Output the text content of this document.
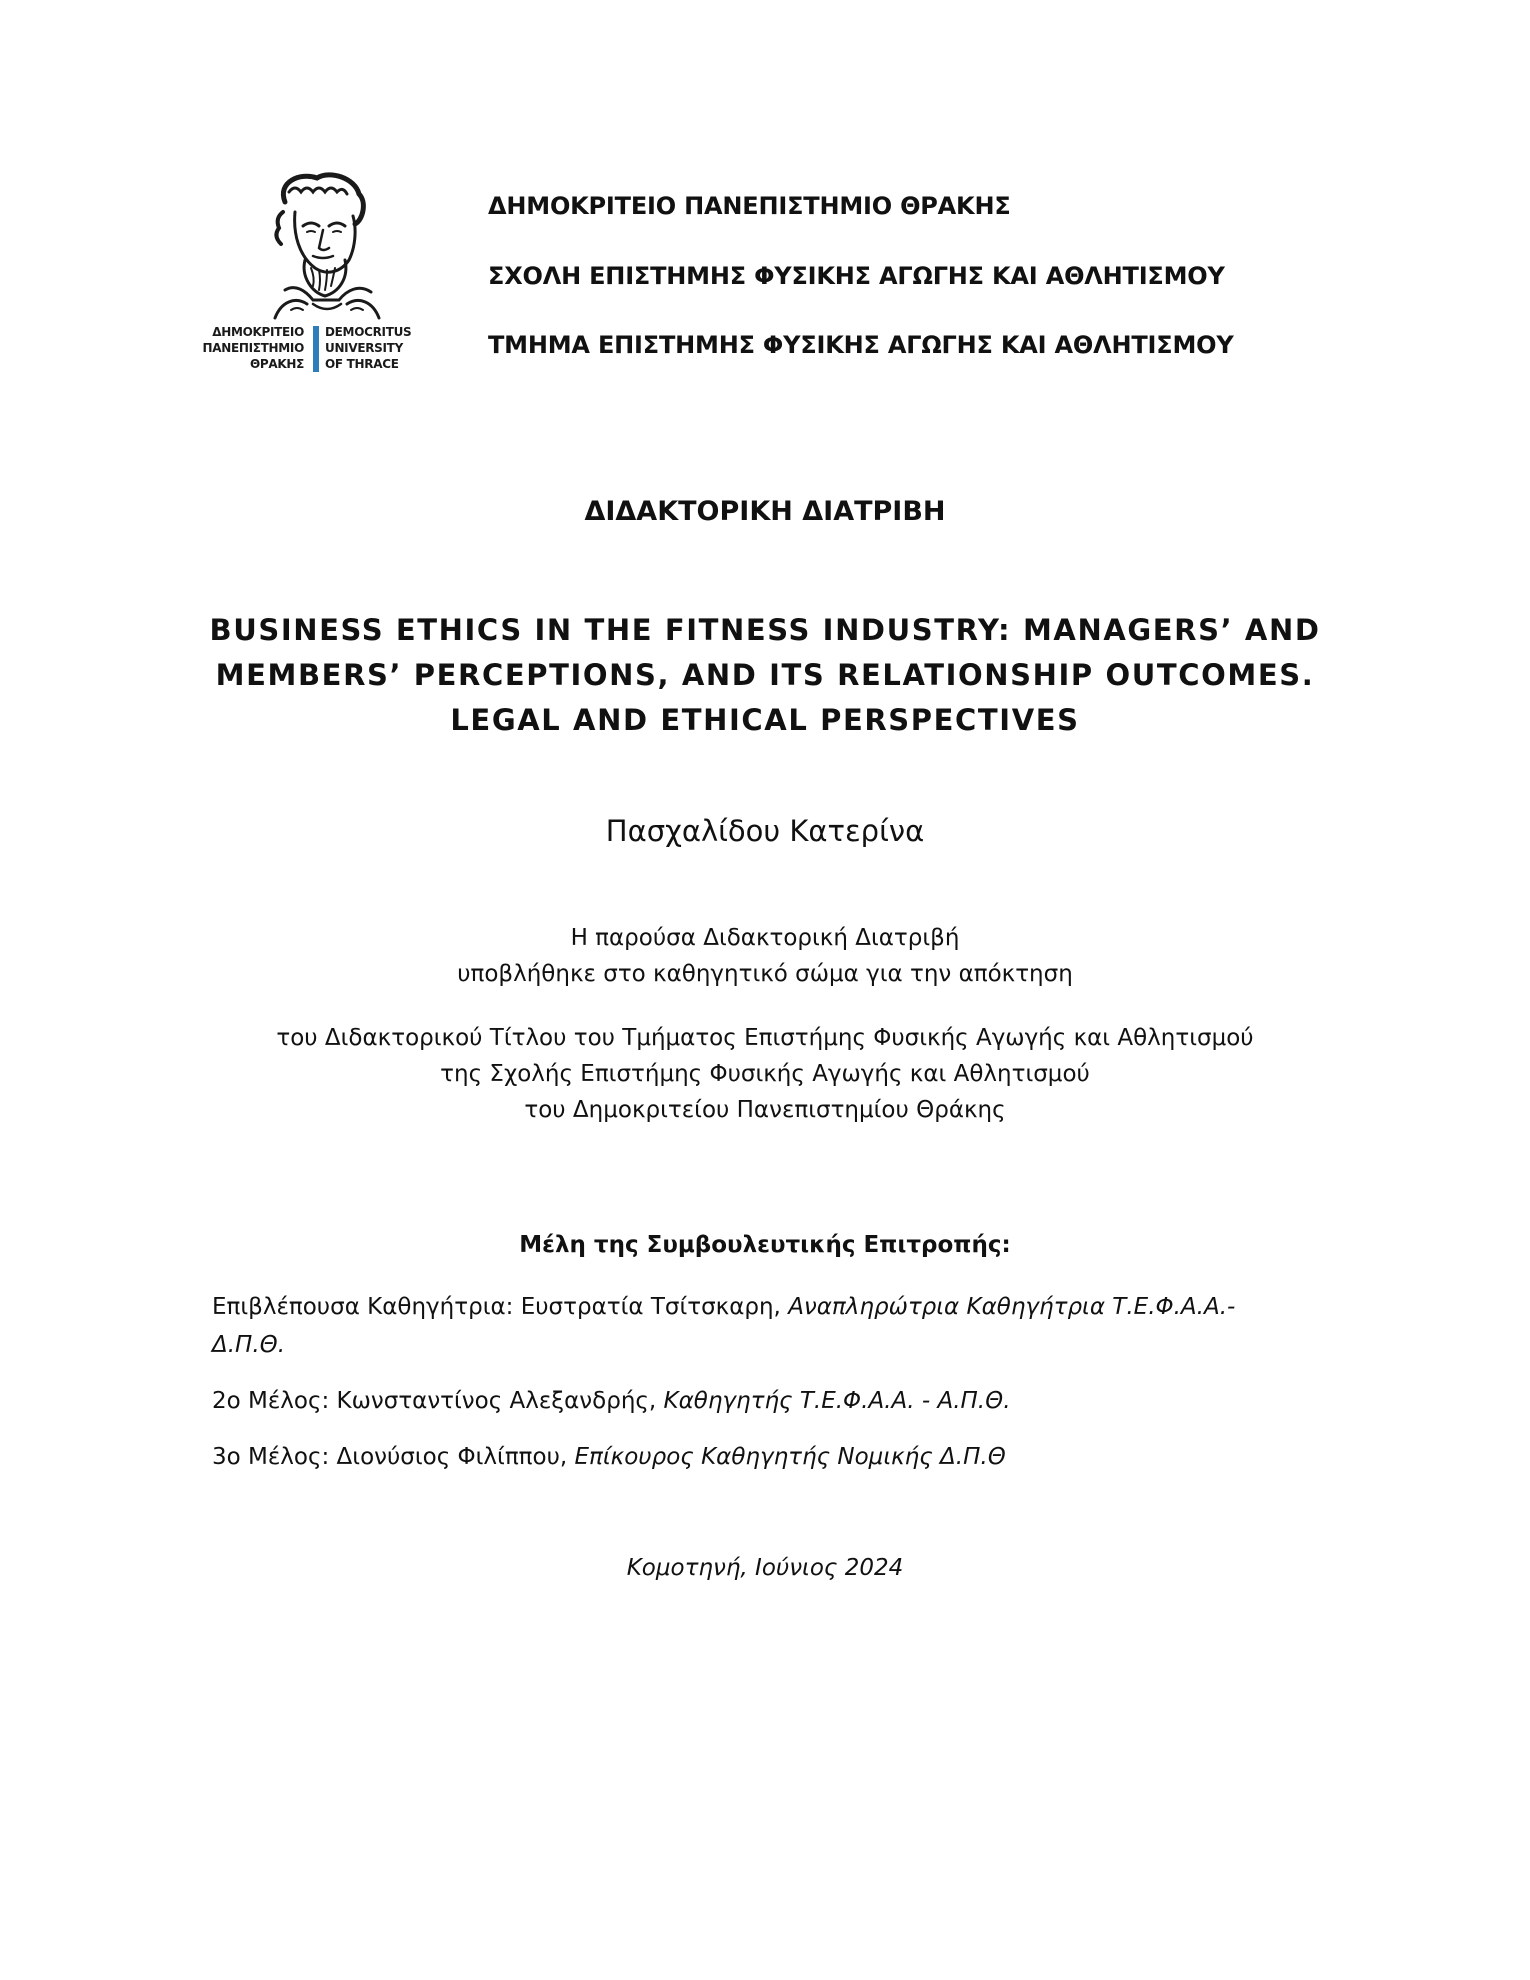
ΔΗΜΟΚΡΙΤΕΙΟ
ΠΑΝΕΠΙΣΤΗΜΙΟ
ΘΡΑΚΗΣ
DEMOCRITUS
UNIVERSITY
OF THRACE
ΔΗΜΟΚΡΙΤΕΙΟ ΠΑΝΕΠΙΣΤΗΜΙΟ ΘΡΑΚΗΣ
ΣΧΟΛΗ ΕΠΙΣΤΗΜΗΣ ΦΥΣΙΚΗΣ ΑΓΩΓΗΣ ΚΑΙ ΑΘΛΗΤΙΣΜΟΥ
ΤΜΗΜΑ ΕΠΙΣΤΗΜΗΣ ΦΥΣΙΚΗΣ ΑΓΩΓΗΣ ΚΑΙ ΑΘΛΗΤΙΣΜΟΥ
ΔΙΔΑΚΤΟΡΙΚΗ ΔΙΑΤΡΙΒΗ
BUSINESS ETHICS IN THE FITNESS INDUSTRY: MANAGERS’ AND
MEMBERS’ PERCEPTIONS, AND ITS RELATIONSHIP OUTCOMES.
LEGAL AND ETHICAL PERSPECTIVES
Πασχαλίδου Κατερίνα
Η παρούσα Διδακτορική Διατριβή
υποβλήθηκε στο καθηγητικό σώμα για την απόκτηση
του Διδακτορικού Τίτλου του Τμήματος Επιστήμης Φυσικής Αγωγής και Αθλητισμού
της Σχολής Επιστήμης Φυσικής Αγωγής και Αθλητισμού
του Δημοκριτείου Πανεπιστημίου Θράκης
Μέλη της Συμβουλευτικής Επιτροπής:
Επιβλέπουσα Καθηγήτρια: Ευστρατία Τσίτσκαρη, Αναπληρώτρια Καθηγήτρια Τ.Ε.Φ.Α.Α.-
Δ.Π.Θ.
2ο Μέλος: Κωνσταντίνος Αλεξανδρής, Καθηγητής Τ.Ε.Φ.Α.Α. - Α.Π.Θ.
3ο Μέλος: Διονύσιος Φιλίππου, Επίκουρος Καθηγητής Νομικής Δ.Π.Θ
Κομοτηνή, Ιούνιος 2024
